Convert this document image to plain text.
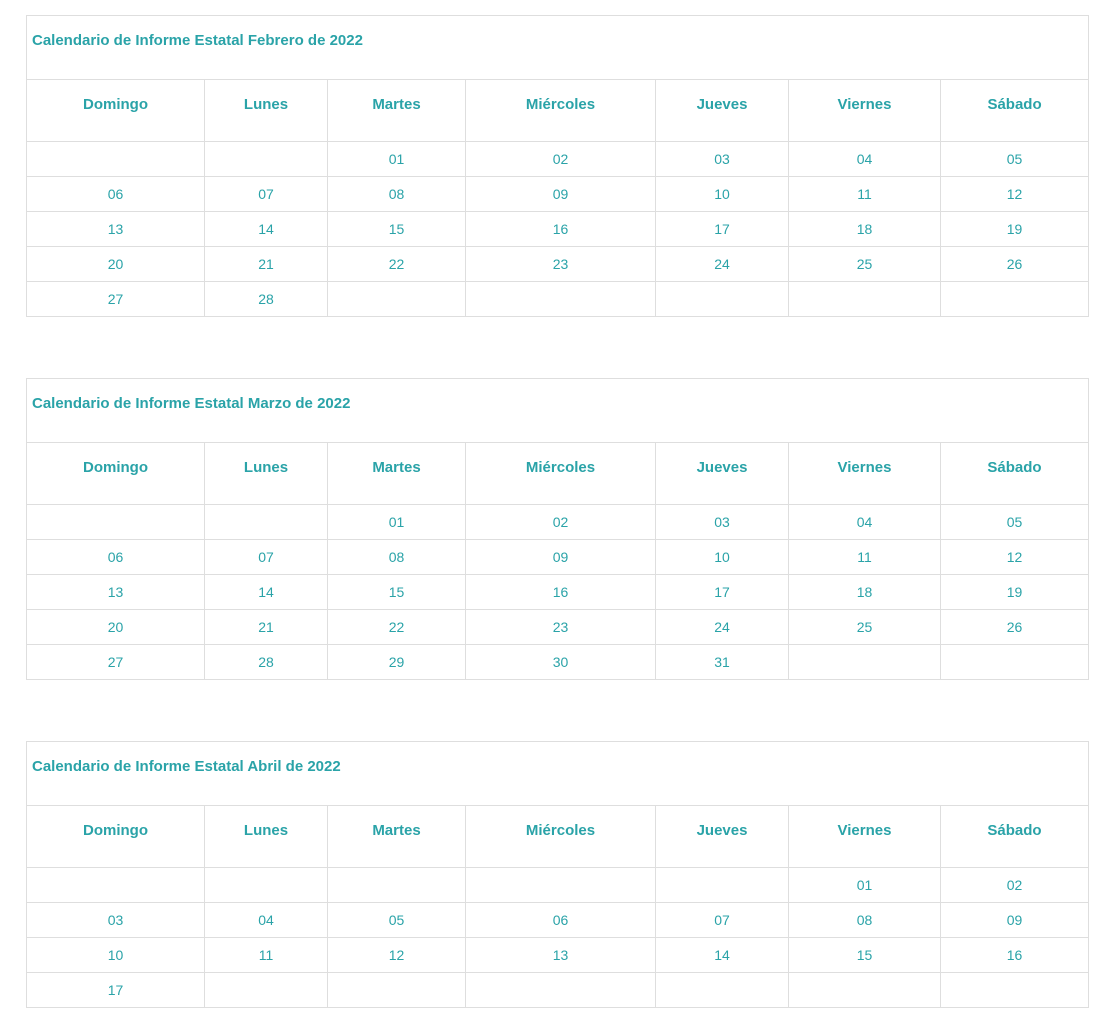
Calendario de Informe Estatal Febrero de 2022						
Domingo	Lunes	Martes	Miércoles	Jueves	Viernes	Sábado
		01	02	03	04	05
06	07	08	09	10	11	12
13	14	15	16	17	18	19
20	21	22	23	24	25	26
27	28					
Calendario de Informe Estatal Marzo de 2022						
Domingo	Lunes	Martes	Miércoles	Jueves	Viernes	Sábado
		01	02	03	04	05
06	07	08	09	10	11	12
13	14	15	16	17	18	19
20	21	22	23	24	25	26
27	28	29	30	31		
Calendario de Informe Estatal Abril de 2022						
Domingo	Lunes	Martes	Miércoles	Jueves	Viernes	Sábado
					01	02
03	04	05	06	07	08	09
10	11	12	13	14	15	16
17						
